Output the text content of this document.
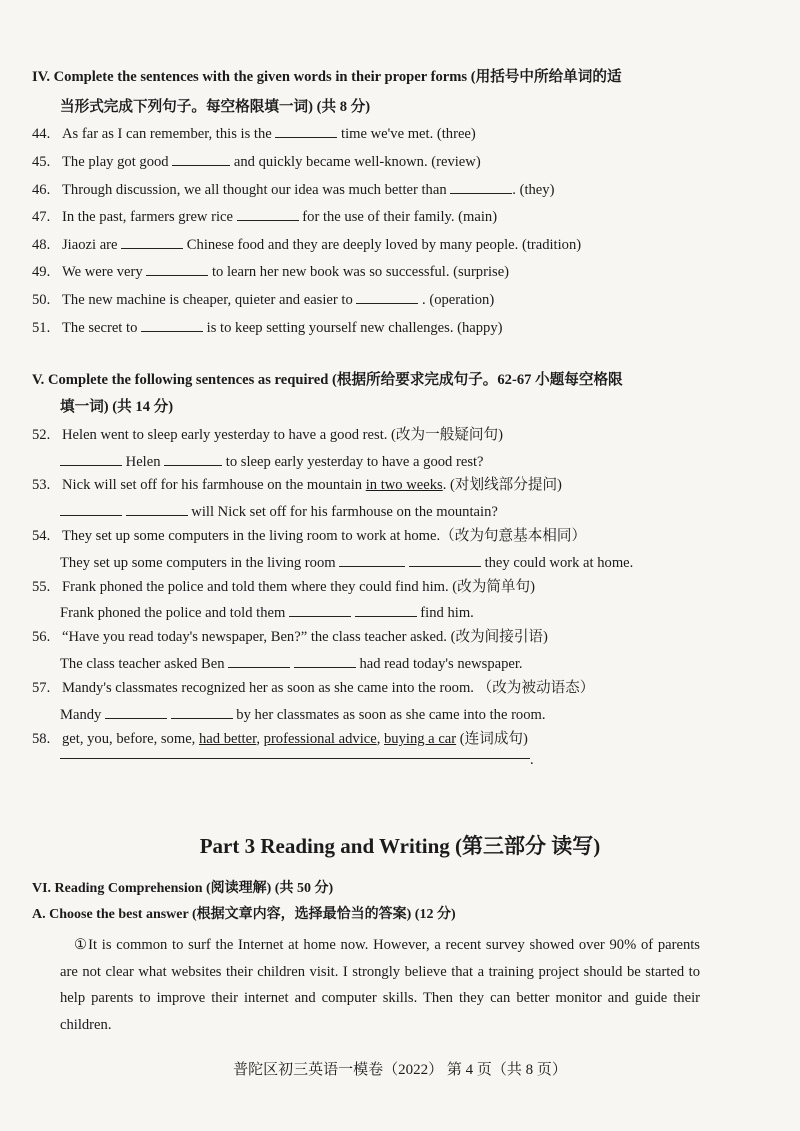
IV. Complete the sentences with the given words in their proper forms (用括号中所给单词的适
当形式完成下列句子。每空格限填一词) (共 8 分)
44. As far as I can remember, this is the	time we've met. (three)
45. The play got good	and quickly became well-known. (review)
46. Through discussion, we all thought our idea was much better than	. (they)
47. In the past, farmers grew rice	for the use of their family. (main)
48. Jiaozi are	Chinese food and they are deeply loved by many people. (tradition)
49. We were very	to learn her new book was so successful. (surprise)
50. The new machine is cheaper, quieter and easier to	. (operation)
51. The secret to	is to keep setting yourself new challenges. (happy)
V. Complete the following sentences as required (根据所给要求完成句子。62-67 小题每空格限
填一词) (共 14 分)
52. Helen went to sleep early yesterday to have a good rest. (改为一般疑问句)
Helen	to sleep early yesterday to have a good rest?
53. Nick will set off for his farmhouse on the mountain in two weeks. (对划线部分提问)
will Nick set off for his farmhouse on the mountain?
54. They set up some computers in the living room to work at home.（改为句意基本相同）
They set up some computers in the living room	they could work at home.
55. Frank phoned the police and told them where they could find him. (改为简单句)
Frank phoned the police and told them	find him.
56. “Have you read today's newspaper, Ben?” the class teacher asked. (改为间接引语)
The class teacher asked Ben	had read today's newspaper.
57. Mandy's classmates recognized her as soon as she came into the room. （改为被动语态）
Mandy	by her classmates as soon as she came into the room.
58. get, you, before, some, had better, professional advice, buying a car (连词成句)
.
Part 3 Reading and Writing (第三部分 读写)
VI. Reading Comprehension (阅读理解) (共 50 分)
A. Choose the best answer (根据文章内容，选择最恰当的答案) (12 分)
①It is common to surf the Internet at home now. However, a recent survey showed over 90% of parents are not clear what websites their children visit. I strongly believe that a training project should be started to help parents to improve their internet and computer skills. Then they can better monitor and guide their children.
普陀区初三英语一模卷（2022） 第 4 页（共 8 页）
